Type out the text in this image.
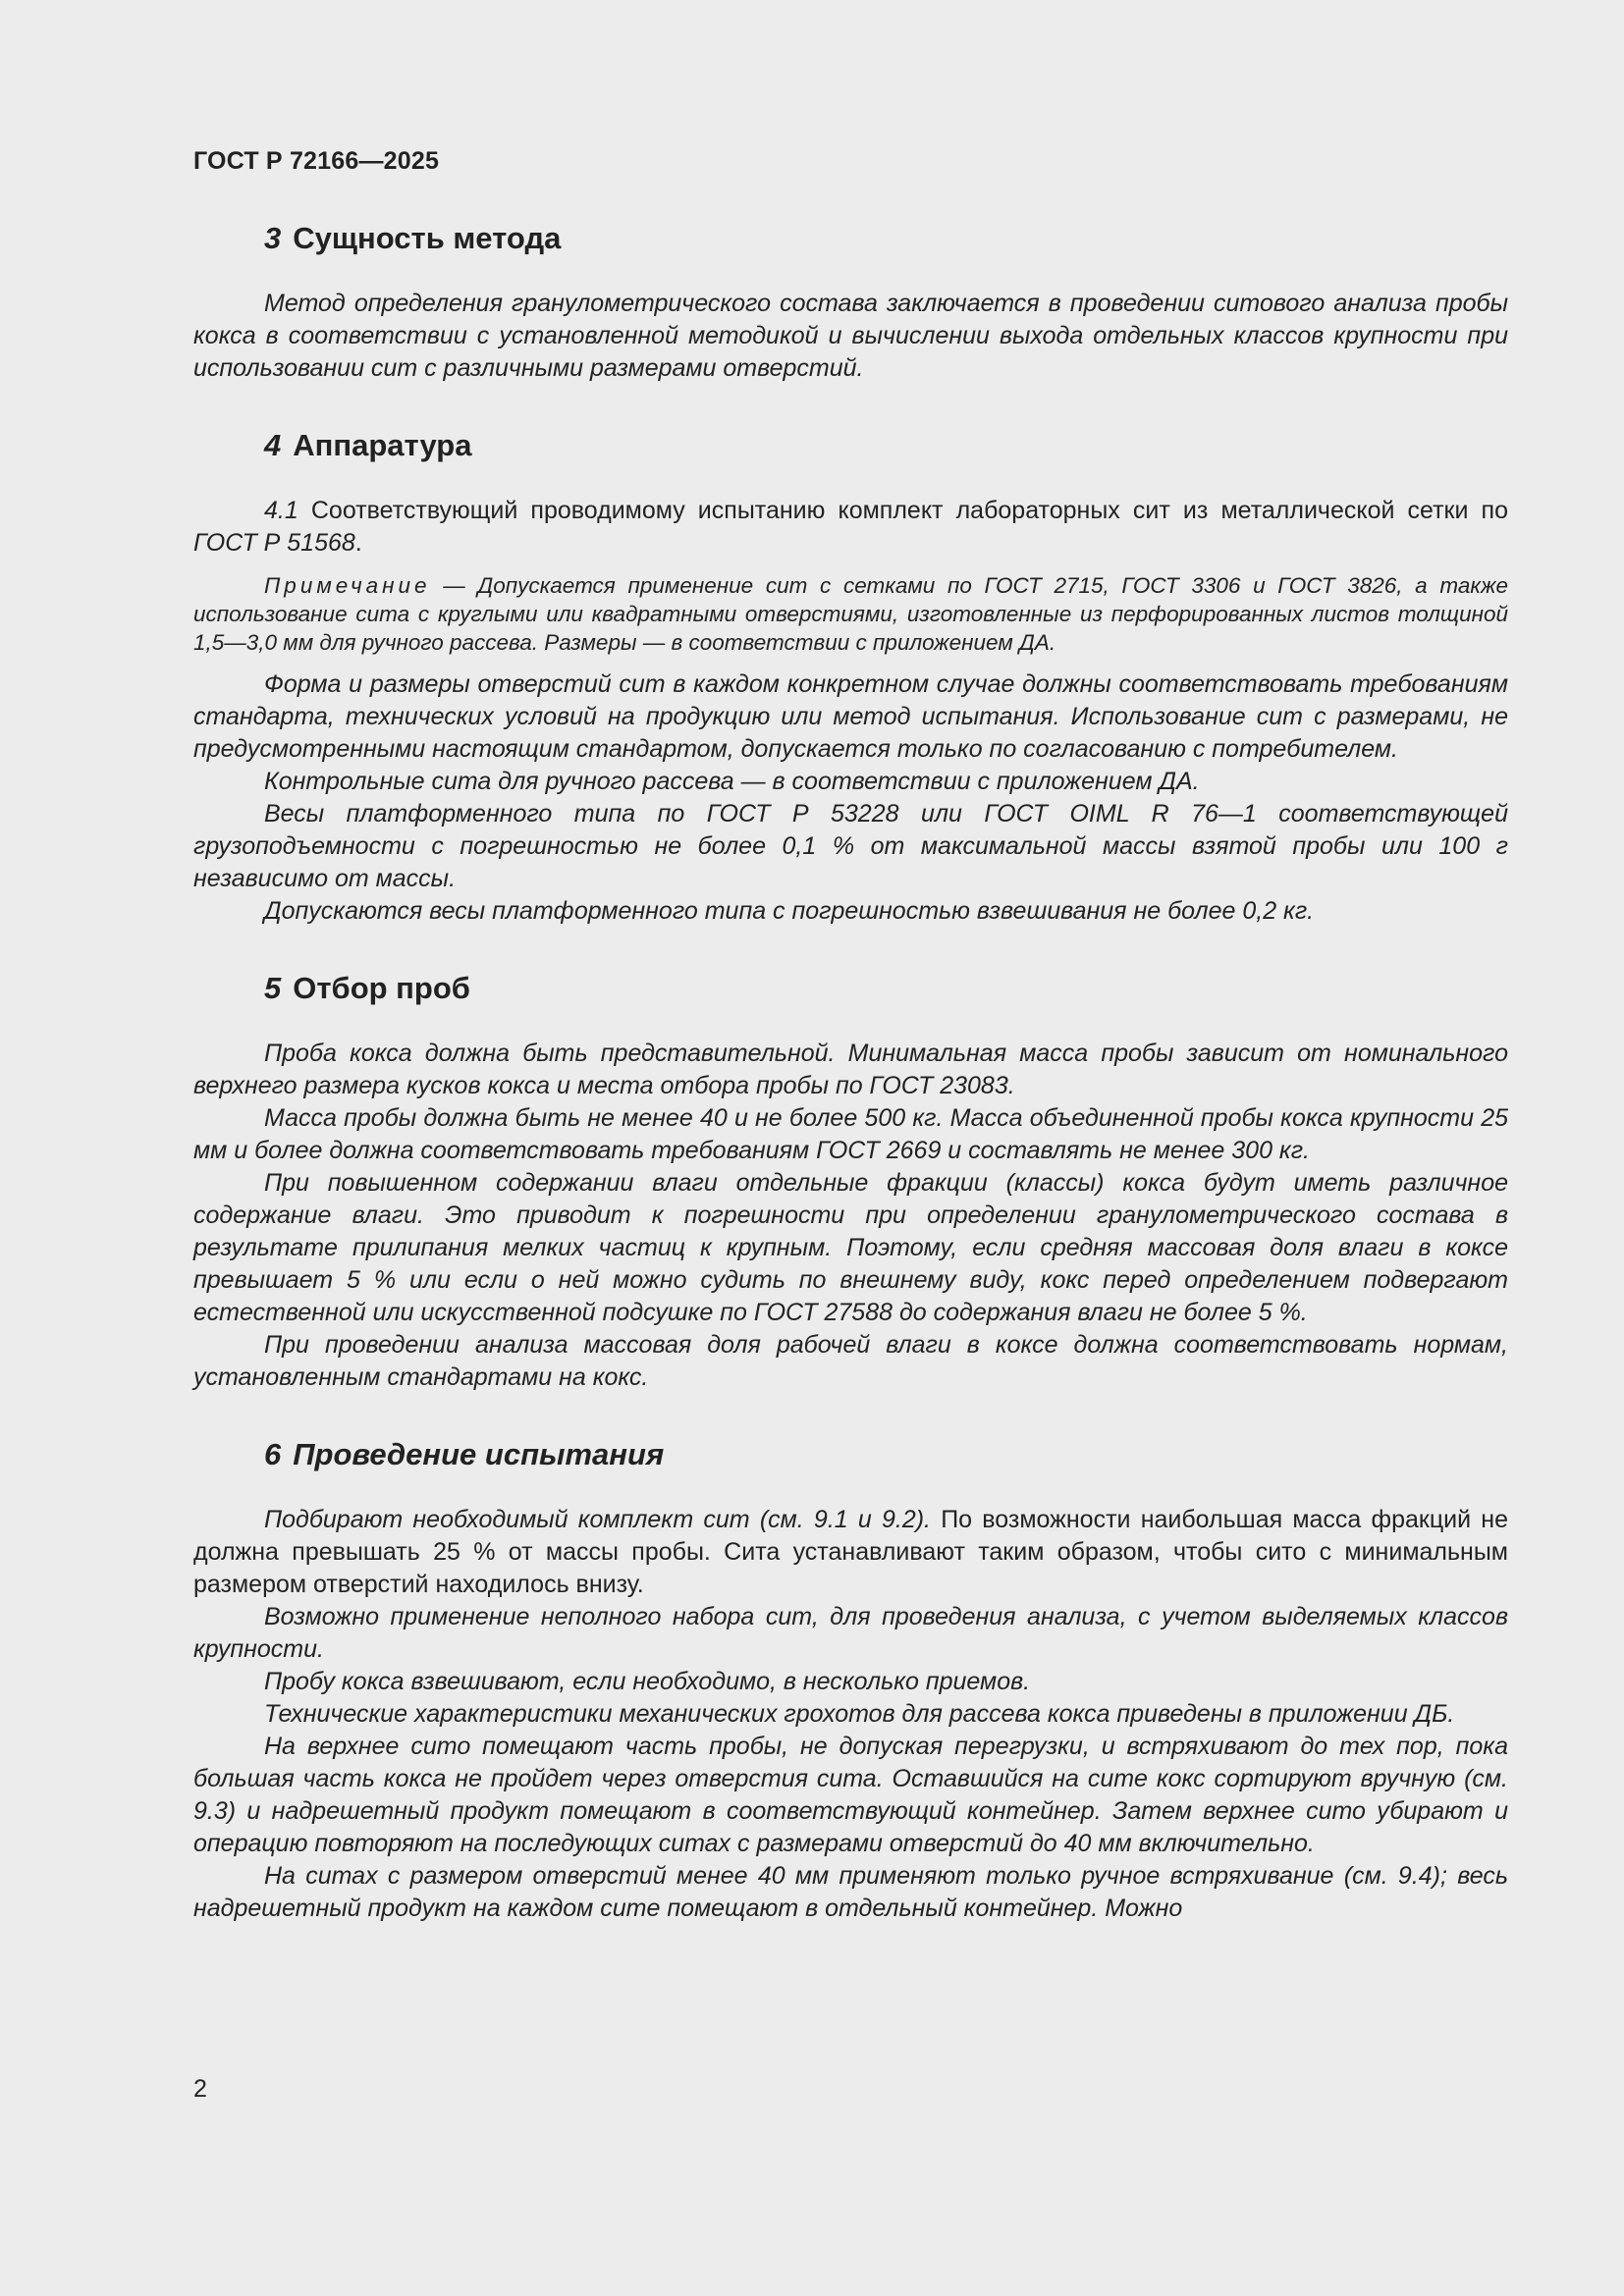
ГОСТ Р 72166—2025
3 Сущность метода

Метод определения гранулометрического состава заключается в проведении ситового анализа пробы кокса в соответствии с установленной методикой и вычислении выхода отдельных классов крупности при использовании сит с различными размерами отверстий.

4 Аппаратура

4.1 Соответствующий проводимому испытанию комплект лабораторных сит из металлической сетки по ГОСТ Р 51568.

Примечание — Допускается применение сит с сетками по ГОСТ 2715, ГОСТ 3306 и ГОСТ 3826, а также использование сита с круглыми или квадратными отверстиями, изготовленные из перфорированных листов толщиной 1,5—3,0 мм для ручного рассева. Размеры — в соответствии с приложением ДА.

Форма и размеры отверстий сит в каждом конкретном случае должны соответствовать требованиям стандарта, технических условий на продукцию или метод испытания. Использование сит с размерами, не предусмотренными настоящим стандартом, допускается только по согласованию с потребителем.

Контрольные сита для ручного рассева — в соответствии с приложением ДА.

Весы платформенного типа по ГОСТ Р 53228 или ГОСТ OIML R 76—1 соответствующей грузоподъемности с погрешностью не более 0,1 % от максимальной массы взятой пробы или 100 г независимо от массы.

Допускаются весы платформенного типа с погрешностью взвешивания не более 0,2 кг.

5 Отбор проб

Проба кокса должна быть представительной. Минимальная масса пробы зависит от номинального верхнего размера кусков кокса и места отбора пробы по ГОСТ 23083.

Масса пробы должна быть не менее 40 и не более 500 кг. Масса объединенной пробы кокса крупности 25 мм и более должна соответствовать требованиям ГОСТ 2669 и составлять не менее 300 кг.

При повышенном содержании влаги отдельные фракции (классы) кокса будут иметь различное содержание влаги. Это приводит к погрешности при определении гранулометрического состава в результате прилипания мелких частиц к крупным. Поэтому, если средняя массовая доля влаги в коксе превышает 5 % или если о ней можно судить по внешнему виду, кокс перед определением подвергают естественной или искусственной подсушке по ГОСТ 27588 до содержания влаги не более 5 %.

При проведении анализа массовая доля рабочей влаги в коксе должна соответствовать нормам, установленным стандартами на кокс.

6 Проведение испытания

Подбирают необходимый комплект сит (см. 9.1 и 9.2). По возможности наибольшая масса фракций не должна превышать 25 % от массы пробы. Сита устанавливают таким образом, чтобы сито с минимальным размером отверстий находилось внизу.

Возможно применение неполного набора сит, для проведения анализа, с учетом выделяемых классов крупности.

Пробу кокса взвешивают, если необходимо, в несколько приемов.

Технические характеристики механических грохотов для рассева кокса приведены в приложении ДБ.

На верхнее сито помещают часть пробы, не допуская перегрузки, и встряхивают до тех пор, пока большая часть кокса не пройдет через отверстия сита. Оставшийся на сите кокс сортируют вручную (см. 9.3) и надрешетный продукт помещают в соответствующий контейнер. Затем верхнее сито убирают и операцию повторяют на последующих ситах с размерами отверстий до 40 мм включительно.

На ситах с размером отверстий менее 40 мм применяют только ручное встряхивание (см. 9.4); весь надрешетный продукт на каждом сите помещают в отдельный контейнер. Можно

2
